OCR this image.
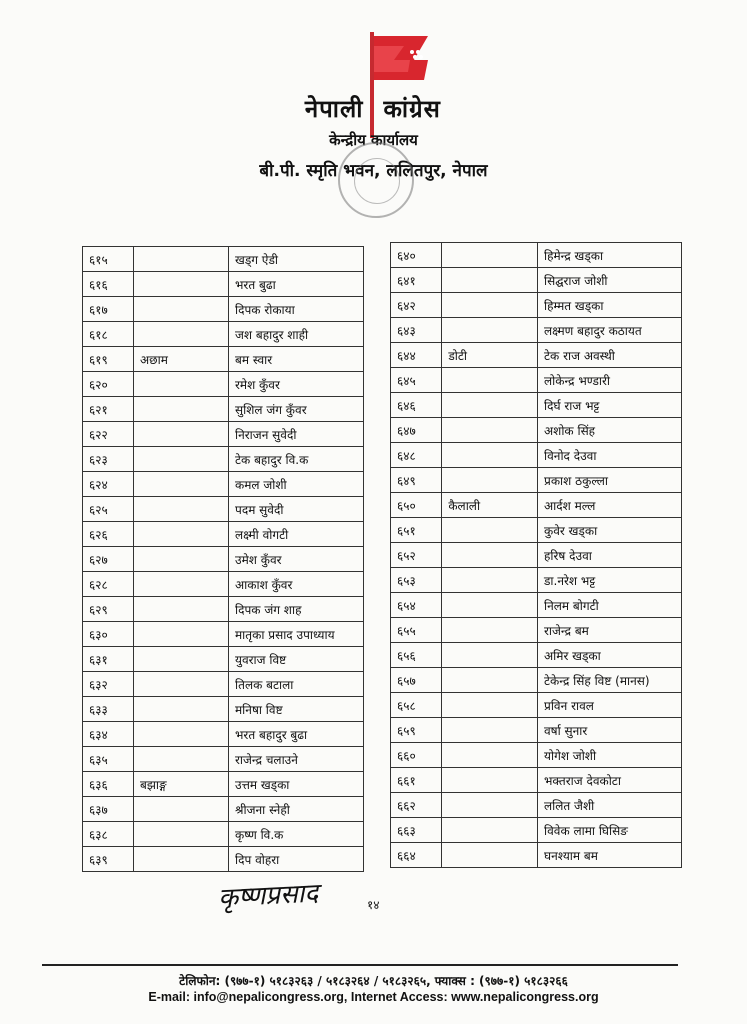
नेपाली कांग्रेस
केन्द्रीय कार्यालय
बी.पी. स्मृति भवन, ललितपुर, नेपाल
६१५		खड्ग ऐडी
६१६		भरत बुढा
६१७		दिपक रोकाया
६१८		जश बहादुर शाही
६१९	अछाम	बम स्वार
६२०		रमेश कुँवर
६२१		सुशिल जंग कुँवर
६२२		निराजन सुवेदी
६२३		टेक बहादुर वि.क
६२४		कमल जोशी
६२५		पदम सुवेदी
६२६		लक्ष्मी वोगटी
६२७		उमेश कुँवर
६२८		आकाश कुँवर
६२९		दिपक जंग शाह
६३०		मातृका प्रसाद उपाध्याय
६३१		युवराज विष्ट
६३२		तिलक बटाला
६३३		मनिषा विष्ट
६३४		भरत बहादुर बुढा
६३५		राजेन्द्र चलाउने
६३६	बझाङ्ग	उत्तम खड्का
६३७		श्रीजना स्नेही
६३८		कृष्ण वि.क
६३९		दिप वोहरा
६४०		हिमेन्द्र खड्का
६४१		सिद्घराज जोशी
६४२		हिम्मत खड्का
६४३		लक्ष्मण बहादुर कठायत
६४४	डोटी	टेक राज अवस्थी
६४५		लोकेन्द्र भण्डारी
६४६		दिर्घ राज भट्ट
६४७		अशोक सिंह
६४८		विनोद देउवा
६४९		प्रकाश ठकुल्ला
६५०	कैलाली	आर्दश मल्ल
६५१		कुवेर खड्का
६५२		हरिष देउवा
६५३		डा.नरेश भट्ट
६५४		निलम बोगटी
६५५		राजेन्द्र बम
६५६		अमिर खड्का
६५७		टेकेन्द्र सिंह विष्ट (मानस)
६५८		प्रविन रावल
६५९		वर्षा सुनार
६६०		योगेश जोशी
६६१		भक्तराज देवकोटा
६६२		ललित जैशी
६६३		विवेक लामा घिसिङ
६६४		घनश्याम बम
कृष्णप्रसाद	१४
टेलिफोन: (९७७-१) ५१८३२६३ / ५१८३२६४ / ५१८३२६५, फ्याक्स : (९७७-१) ५१८३२६६
E-mail: info@nepalicongress.org, Internet Access: www.nepalicongress.org
